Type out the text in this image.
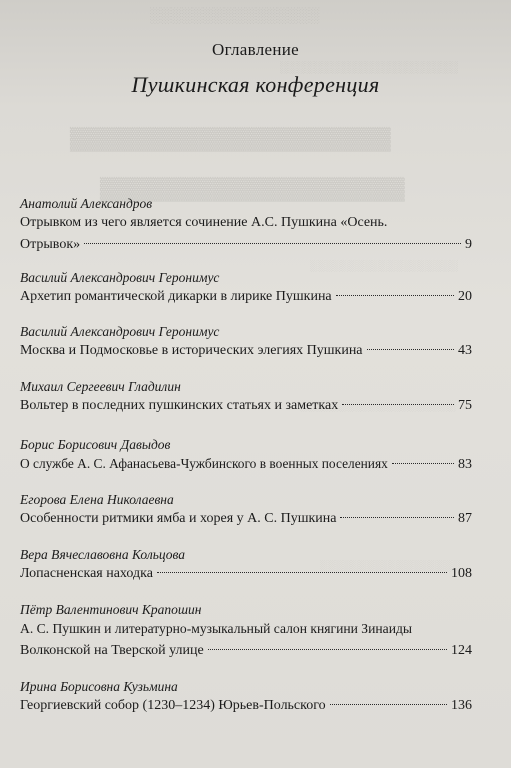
░░░░░░░░░░░░░░░░
░░░░░░░░░░░░░░░░░░░░░
▓▓▓▓▓▓▓▓▓▓▓▓▓▓▓▓▓▓▓▓
▓▓▓▓▓▓▓▓▓▓▓▓▓▓▓▓▓▓▓
░░░░░░░░░░░░░░░░░░░
░░░░░░░░░░░░░░░░░░░░
░░░░░░░░░░░░░░░░░░
Оглавление
Пушкинская конференция
Анатолий Александров
Отрывком из чего является сочинение А.С. Пушкина «Осень.
Отрывок»	9
Василий Александрович Геронимус
Архетип романтической дикарки в лирике Пушкина	20
Василий Александрович Геронимус
Москва и Подмосковье в исторических элегиях Пушкина	43
Михаил Сергеевич Гладилин
Вольтер в последних пушкинских статьях и заметках	75
Борис Борисович Давыдов
О службе А. С. Афанасьева-Чужбинского в военных поселениях	83
Егорова Елена Николаевна
Особенности ритмики ямба и хорея у А. С. Пушкина	87
Вера Вячеславовна Кольцова
Лопасненская находка	108
Пётр Валентинович Крапошин
А. С. Пушкин и литературно-музыкальный салон княгини Зинаиды
Волконской на Тверской улице	124
Ирина Борисовна Кузьмина
Георгиевский собор (1230–1234) Юрьев-Польского	136
